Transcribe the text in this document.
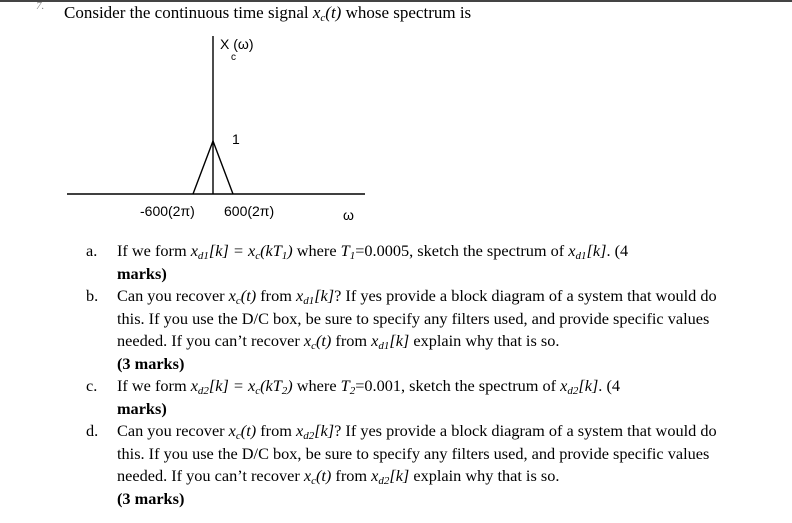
7. Consider the continuous time signal $x_c(t)$ whose spectrum is
X (ω)
c
1
-600(2π) 600(2π)	ω
a.	If we form $x_{d1}[k] = x_c(kT_1)$ where $T_1=0.0005$, sketch the spectrum of $x_{d1}[k]$. (4
marks)
b.	Can you recover $x_c(t)$ from $x_{d1}[k]$? If yes provide a block diagram of a system that would do this. If you use the D/C box, be sure to specify any filters used, and provide specific values needed. If you can’t recover $x_c(t)$ from $x_{d1}[k]$ explain why that is so.
(3 marks)
c.	If we form $x_{d2}[k] = x_c(kT_2)$ where $T_2=0.001$, sketch the spectrum of $x_{d2}[k]$. (4
marks)
d.	Can you recover $x_c(t)$ from $x_{d2}[k]$? If yes provide a block diagram of a system that would do this. If you use the D/C box, be sure to specify any filters used, and provide specific values needed. If you can’t recover $x_c(t)$ from $x_{d2}[k]$ explain why that is so.
(3 marks)
